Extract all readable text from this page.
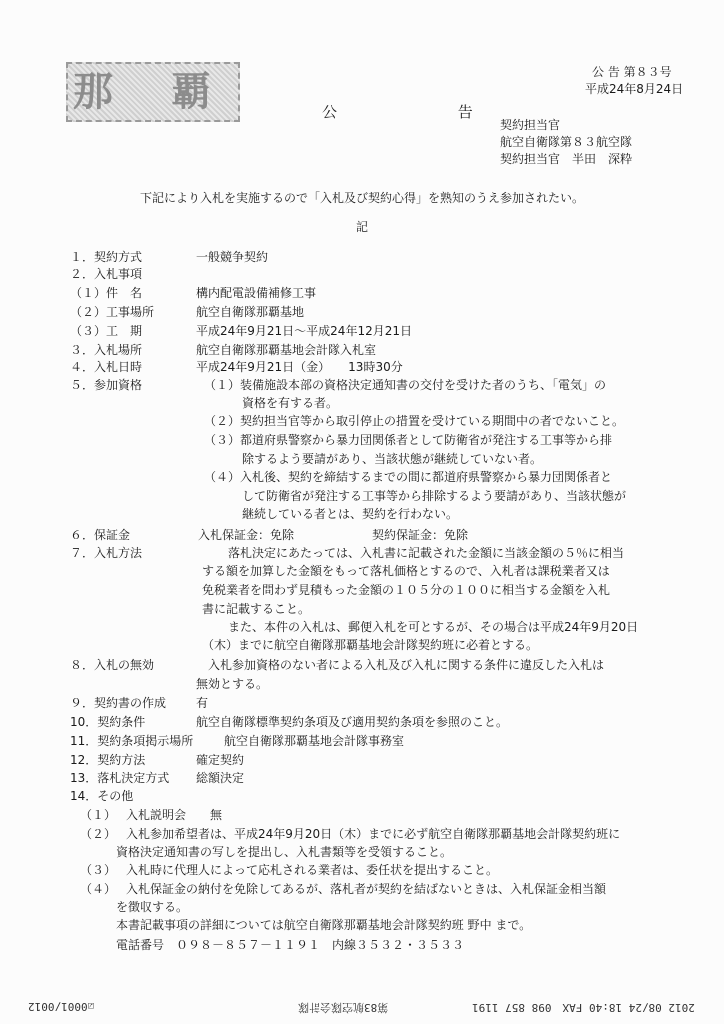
那 覇	公 告 第８３号
平成24年8月24日
公 告
契約担当官
航空自衛隊第８３航空隊
契約担当官　半田　深粋
下記により入札を実施するので「入札及び契約心得」を熟知のうえ参加されたい。
記
１．契約方式	一般競争契約
２．入札事項
（１）件　名	構内配電設備補修工事
（２）工事場所	航空自衛隊那覇基地
（３）工　期	平成24年9月21日～平成24年12月21日
３．入札場所	航空自衛隊那覇基地会計隊入札室
４．入札日時	平成24年9月21日（金）　　13時30分
５．参加資格	（１）装備施設本部の資格決定通知書の交付を受けた者のうち、「電気」の
資格を有する者。
（２）契約担当官等から取引停止の措置を受けている期間中の者でないこと。
（３）都道府県警察から暴力団関係者として防衛省が発注する工事等から排
除するよう要請があり、当該状態が継続していない者。
（４）入札後、契約を締結するまでの間に都道府県警察から暴力団関係者と
して防衛省が発注する工事等から排除するよう要請があり、当該状態が
継続している者とは、契約を行わない。
６．保証金	入札保証金：免除	契約保証金：免除
７．入札方法	落札決定にあたっては、入札書に記載された金額に当該金額の５％に相当
する額を加算した金額をもって落札価格とするので、入札者は課税業者又は
免税業者を問わず見積もった金額の１０５分の１００に相当する金額を入札
書に記載すること。
また、本件の入札は、郵便入札を可とするが、その場合は平成24年9月20日
（木）までに航空自衛隊那覇基地会計隊契約班に必着とする。
８．入札の無効	入札参加資格のない者による入札及び入札に関する条件に違反した入札は
無効とする。
９．契約書の作成 有
10．契約条件	航空自衛隊標準契約条項及び適用契約条項を参照のこと。
11．契約条項掲示場所	航空自衛隊那覇基地会計隊事務室
12．契約方法	確定契約
13．落札決定方式 総額決定
14．その他
（１） 入札説明会　　無
（２） 入札参加希望者は、平成24年9月20日（木）までに必ず航空自衛隊那覇基地会計隊契約班に
資格決定通知書の写しを提出し、入札書類等を受領すること。
（３） 入札時に代理人によって応札される業者は、委任状を提出すること。
（４） 入札保証金の納付を免除してあるが、落札者が契約を結ばないときは、入札保証金相当額
を徴収する。
本書記載事項の詳細については航空自衛隊那覇基地会計隊契約班 野中 まで。
電話番号　０９８－８５７－１１９１　内線３５３２・３５３３
☑0001/0012	第83航空隊会計隊	2012 08/24 18:40 FAX　098 857 1191
